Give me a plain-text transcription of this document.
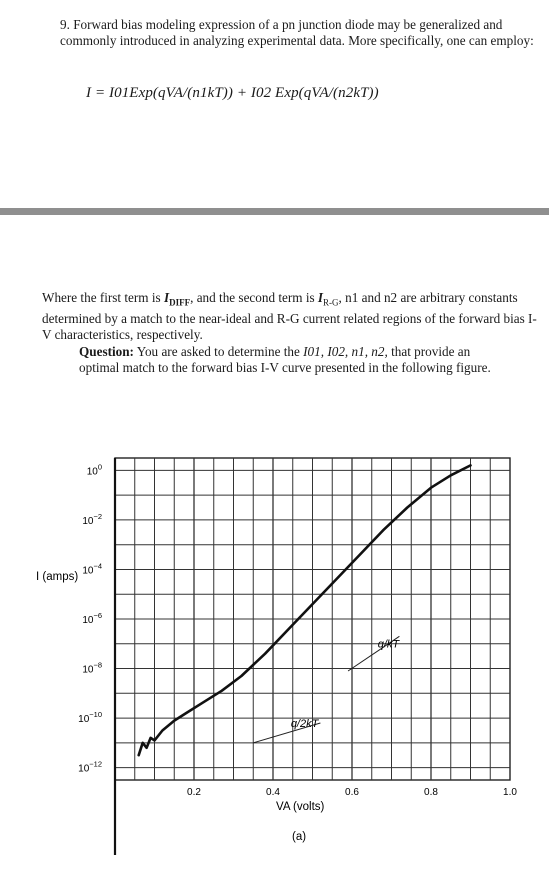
9. Forward bias modeling expression of a pn junction diode may be generalized and commonly introduced in analyzing experimental data. More specifically, one can employ:
I = I01Exp(qVA/(n1kT)) + I02 Exp(qVA/(n2kT))
Where the first term is $I_{DIFF}$, and the second term is $I_{R-G}$, n1 and n2 are arbitrary constants determined by a match to the near-ideal and R-G current related regions of the forward bias I-V characteristics, respectively.
Question: You are asked to determine the I01, I02, n1, n2, that provide an optimal match to the forward bias I-V curve presented in the following figure.
0.2	0.4	0.6	0.8	1.0
$10^0$
$10^{-2}$
$10^{-4}$
$10^{-6}$
$10^{-8}$
$10^{-10}$
$10^{-12}$
q/kT
q/2kT
I (amps)
VA (volts)
(a)
